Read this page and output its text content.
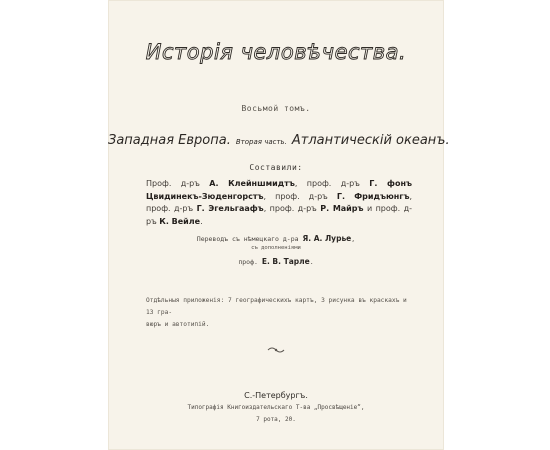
Исторія человѣчества.
Восьмой томъ.
Западная Европа. Вторая часть. Атлантическій океанъ.
Составили:
Проф. д-ръ А. Клейншмидтъ, проф. д-ръ Г. фонъ Цвидинекъ-Зюденгорстъ, проф. д-ръ Г. Фридъюнгъ, проф. д-ръ Г. Эгельгаафъ, проф. д-ръ Р. Майръ и проф. д-ръ К. Вейле.
Переводъ съ нѣмецкаго д-ра Я. А. Лурье,
съ дополненіями
проф. Е. В. Тарле.
Отдѣльныя приложенія: 7 географическихъ картъ, 3 рисунка въ краскахъ и 13 гра-
вюръ и автотипій.
С.-Петербургъ.
Типографія Книгоиздательскаго Т-ва „Просвѣщеніе“,
7 рота, 20.
